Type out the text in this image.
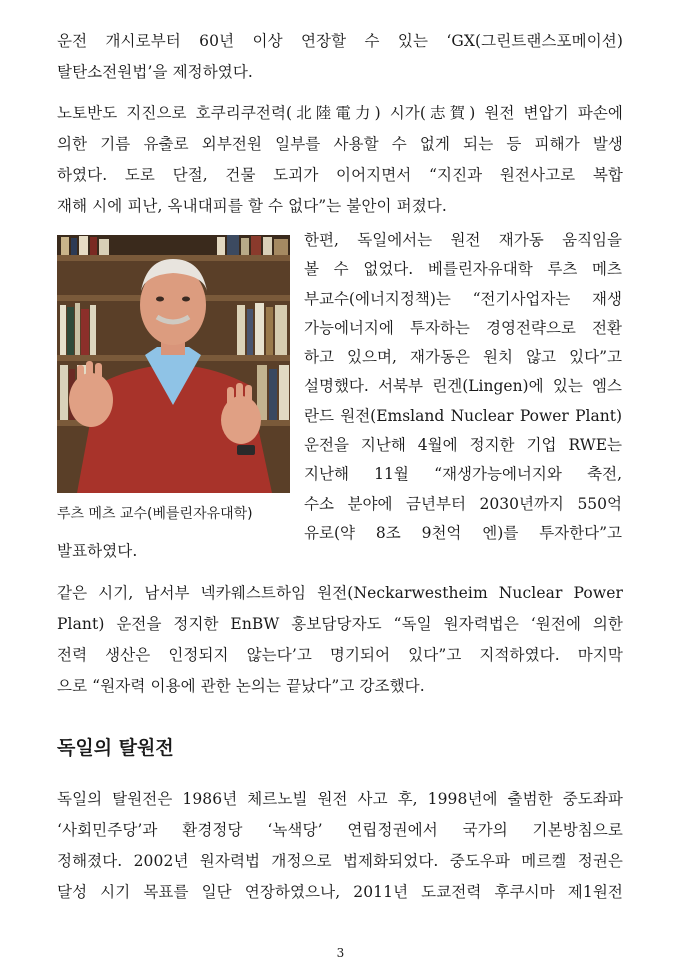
운전 개시로부터 60년 이상 연장할 수 있는 ‘GX(그린트랜스포메이션)
탈탄소전원법’을 제정하였다.
노토반도 지진으로 호쿠리쿠전력(北陸電力) 시가(志賀) 원전 변압기 파손에
의한 기름 유출로 외부전원 일부를 사용할 수 없게 되는 등 피해가 발생
하였다. 도로 단절, 건물 도괴가 이어지면서 “지진과 원전사고로 복합
재해 시에 피난, 옥내대피를 할 수 없다”는 불안이 퍼졌다.
루츠 메츠 교수(베를린자유대학)
한편, 독일에서는 원전 재가동 움직임을
볼 수 없었다. 베를린자유대학 루츠 메츠
부교수(에너지정책)는 “전기사업자는 재생
가능에너지에 투자하는 경영전략으로 전환
하고 있으며, 재가동은 원치 않고 있다”고
설명했다. 서북부 린겐(Lingen)에 있는 엠스
란드 원전(Emsland Nuclear Power Plant)
운전을 지난해 4월에 정지한 기업 RWE는
지난해 11월 “재생가능에너지와 축전,
수소 분야에 금년부터 2030년까지 550억
유로(약 8조 9천억 엔)를 투자한다”고
발표하였다.
같은 시기, 남서부 넥카웨스트하임 원전(Neckarwestheim Nuclear Power
Plant) 운전을 정지한 EnBW 홍보담당자도 “독일 원자력법은 ‘원전에 의한
전력 생산은 인정되지 않는다’고 명기되어 있다”고 지적하였다. 마지막
으로 “원자력 이용에 관한 논의는 끝났다”고 강조했다.
독일의 탈원전
독일의 탈원전은 1986년 체르노빌 원전 사고 후, 1998년에 출범한 중도좌파
‘사회민주당’과 환경정당 ‘녹색당’ 연립정권에서 국가의 기본방침으로
정해졌다. 2002년 원자력법 개정으로 법제화되었다. 중도우파 메르켈 정권은
달성 시기 목표를 일단 연장하였으나, 2011년 도쿄전력 후쿠시마 제1원전
3
